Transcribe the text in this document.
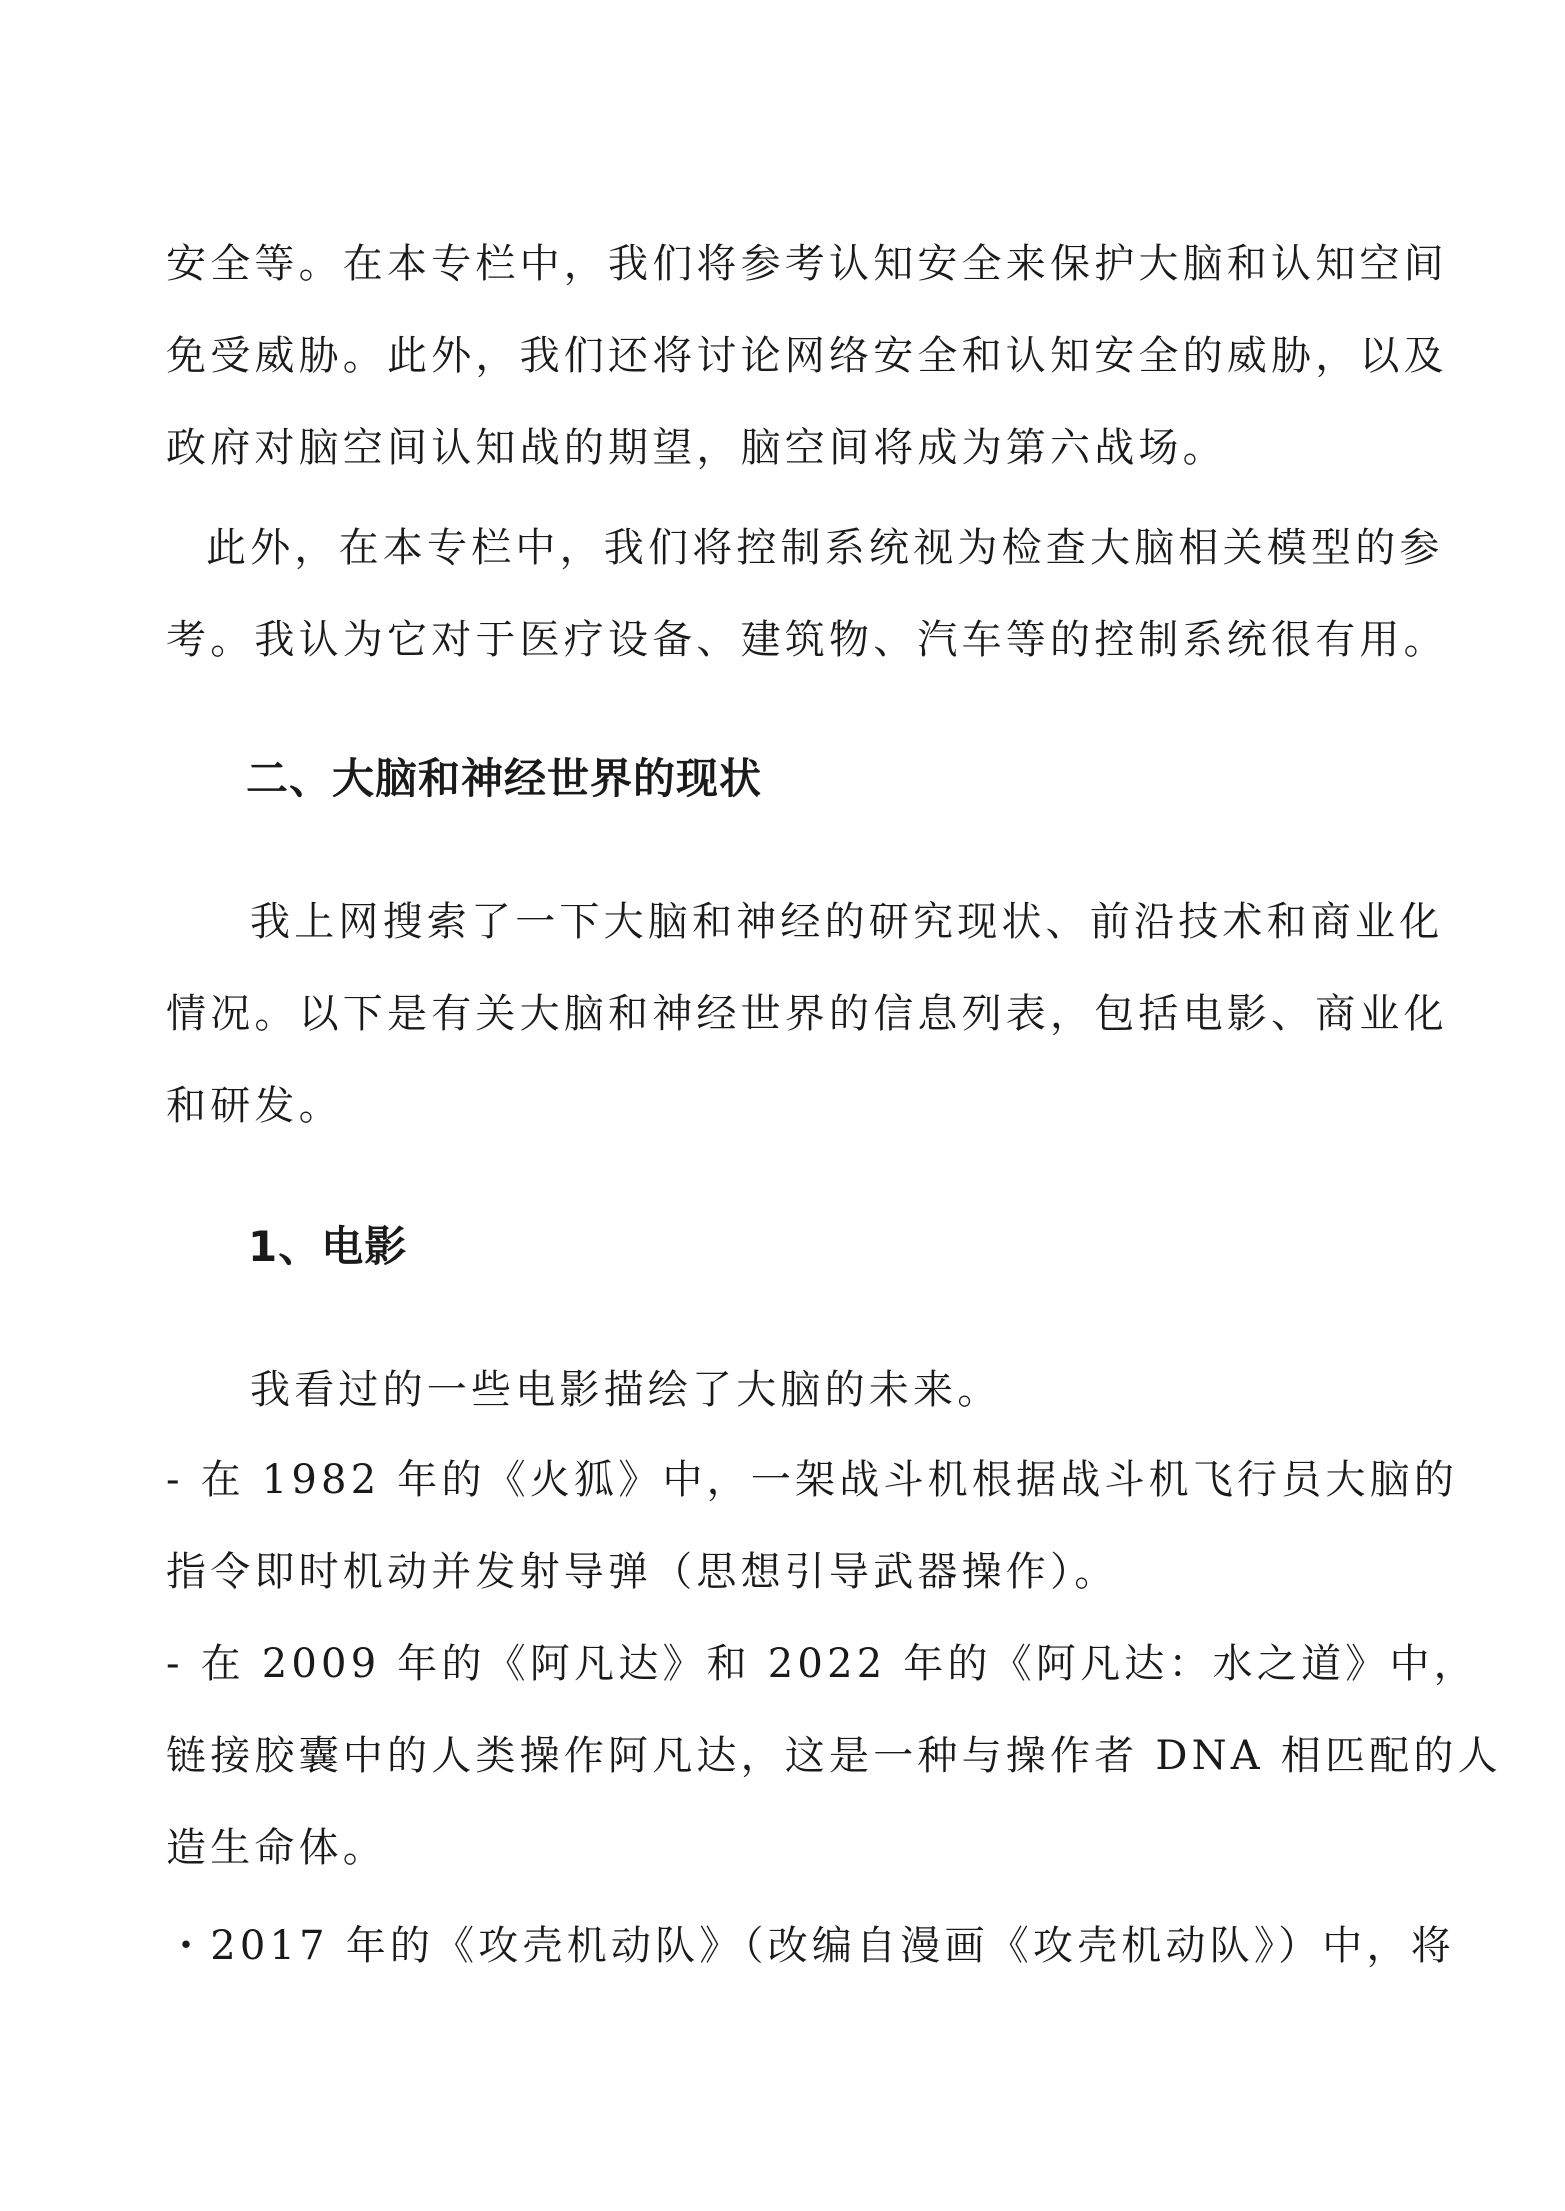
安全等。在本专栏中，我们将参考认知安全来保护大脑和认知空间
免受威胁。此外，我们还将讨论网络安全和认知安全的威胁，以及
政府对脑空间认知战的期望，脑空间将成为第六战场。
此外，在本专栏中，我们将控制系统视为检查大脑相关模型的参
考。我认为它对于医疗设备、建筑物、汽车等的控制系统很有用。
二、大脑和神经世界的现状
我上网搜索了一下大脑和神经的研究现状、前沿技术和商业化
情况。以下是有关大脑和神经世界的信息列表，包括电影、商业化
和研发。
1、电影
我看过的一些电影描绘了大脑的未来。
- 在 1982 年的《火狐》中，一架战斗机根据战斗机飞行员大脑的
指令即时机动并发射导弹（思想引导武器操作）。
- 在 2009 年的《阿凡达》和 2022 年的《阿凡达：水之道》中，
链接胶囊中的人类操作阿凡达，这是一种与操作者 DNA 相匹配的人
造生命体。
・2017 年的《攻壳机动队》（改编自漫画《攻壳机动队》）中，将
